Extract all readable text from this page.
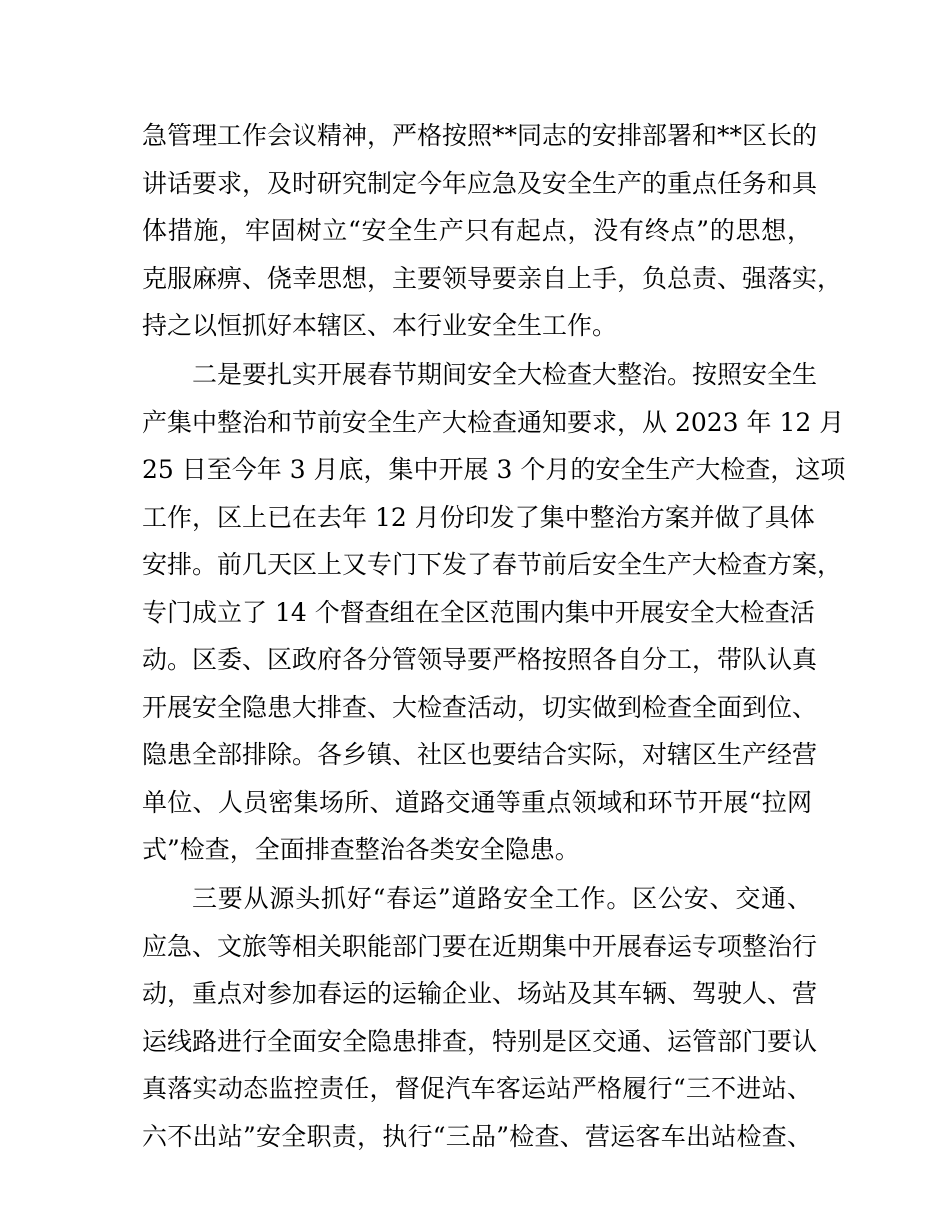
急管理工作会议精神，严格按照**同志的安排部署和**区长的
讲话要求，及时研究制定今年应急及安全生产的重点任务和具
体措施，牢固树立“安全生产只有起点，没有终点”的思想，
克服麻痹、侥幸思想，主要领导要亲自上手，负总责、强落实，
持之以恒抓好本辖区、本行业安全生工作。
二是要扎实开展春节期间安全大检查大整治。按照安全生
产集中整治和节前安全生产大检查通知要求，从 2023 年 12 月
25 日至今年 3 月底，集中开展 3 个月的安全生产大检查，这项
工作，区上已在去年 12 月份印发了集中整治方案并做了具体
安排。前几天区上又专门下发了春节前后安全生产大检查方案，
专门成立了 14 个督查组在全区范围内集中开展安全大检查活
动。区委、区政府各分管领导要严格按照各自分工，带队认真
开展安全隐患大排查、大检查活动，切实做到检查全面到位、
隐患全部排除。各乡镇、社区也要结合实际，对辖区生产经营
单位、人员密集场所、道路交通等重点领域和环节开展“拉网
式”检查，全面排查整治各类安全隐患。
三要从源头抓好“春运”道路安全工作。区公安、交通、
应急、文旅等相关职能部门要在近期集中开展春运专项整治行
动，重点对参加春运的运输企业、场站及其车辆、驾驶人、营
运线路进行全面安全隐患排查，特别是区交通、运管部门要认
真落实动态监控责任，督促汽车客运站严格履行“三不进站、
六不出站”安全职责，执行“三品”检查、营运客车出站检查、
